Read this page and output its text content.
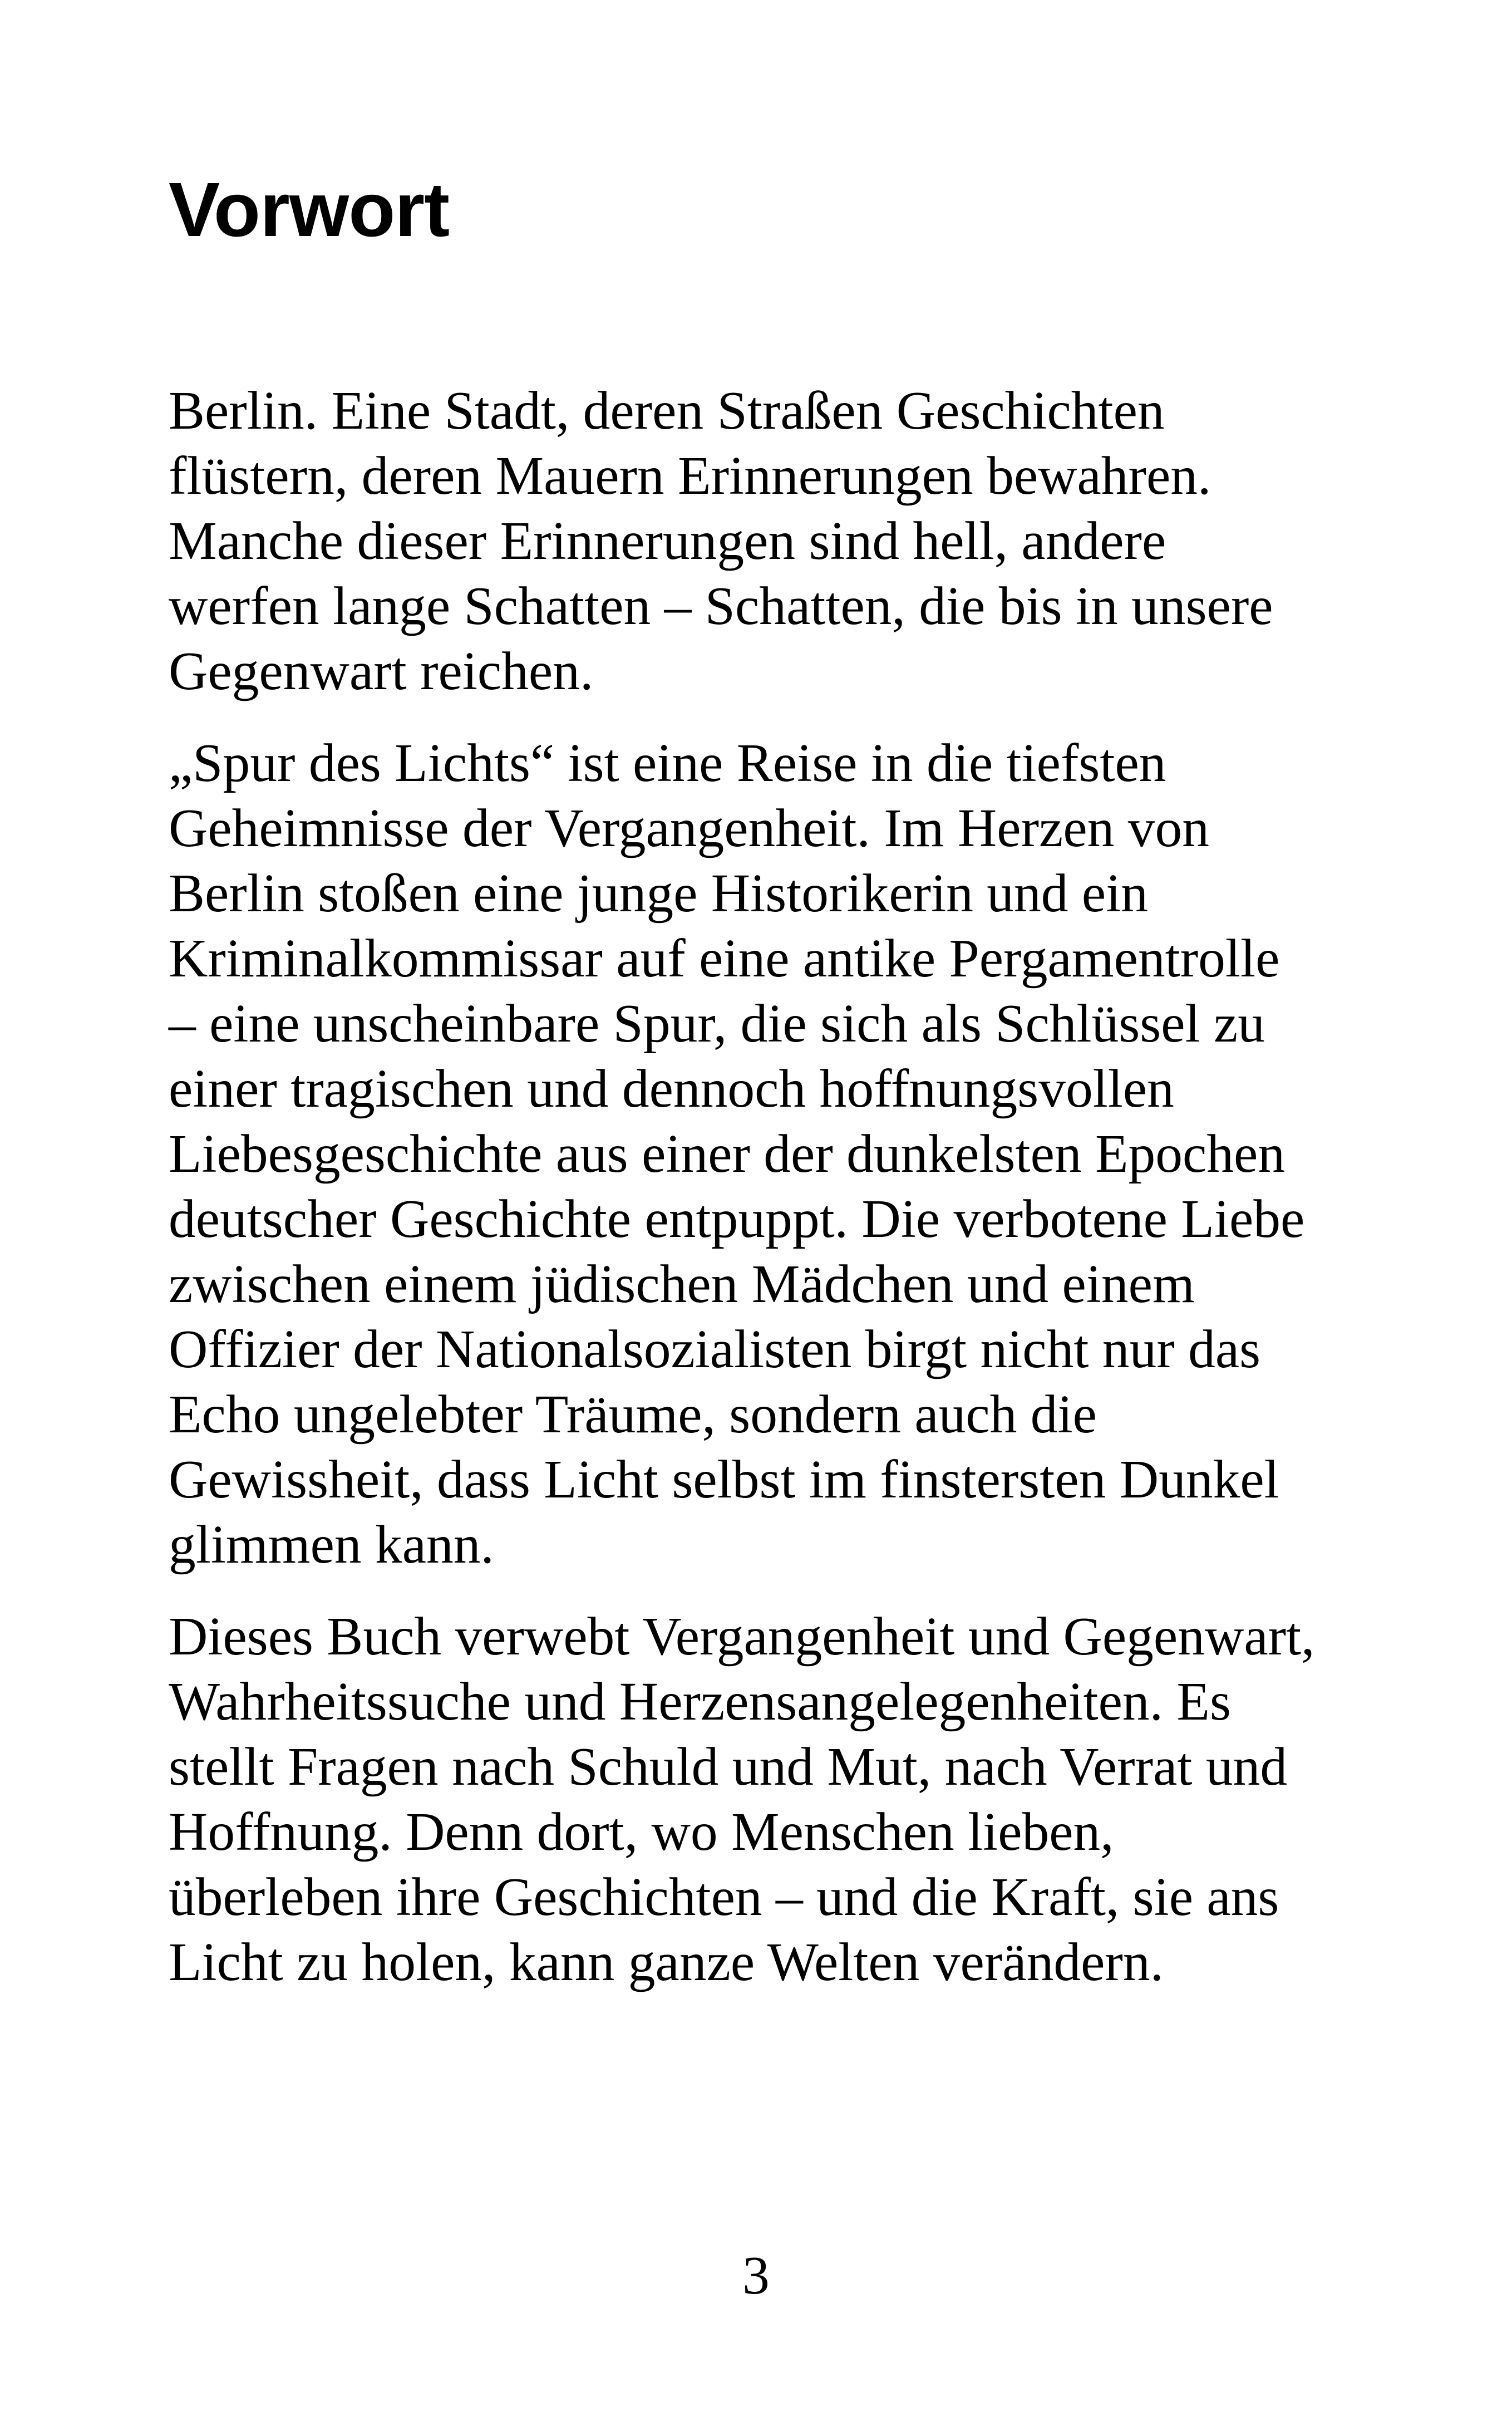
Vorwort

Berlin. Eine Stadt, deren Straßen Geschichten
flüstern, deren Mauern Erinnerungen bewahren.
Manche dieser Erinnerungen sind hell, andere
werfen lange Schatten – Schatten, die bis in unsere
Gegenwart reichen.

„Spur des Lichts“ ist eine Reise in die tiefsten
Geheimnisse der Vergangenheit. Im Herzen von
Berlin stoßen eine junge Historikerin und ein
Kriminalkommissar auf eine antike Pergamentrolle
– eine unscheinbare Spur, die sich als Schlüssel zu
einer tragischen und dennoch hoffnungsvollen
Liebesgeschichte aus einer der dunkelsten Epochen
deutscher Geschichte entpuppt. Die verbotene Liebe
zwischen einem jüdischen Mädchen und einem
Offizier der Nationalsozialisten birgt nicht nur das
Echo ungelebter Träume, sondern auch die
Gewissheit, dass Licht selbst im finstersten Dunkel
glimmen kann.

Dieses Buch verwebt Vergangenheit und Gegenwart,
Wahrheitssuche und Herzensangelegenheiten. Es
stellt Fragen nach Schuld und Mut, nach Verrat und
Hoffnung. Denn dort, wo Menschen lieben,
überleben ihre Geschichten – und die Kraft, sie ans
Licht zu holen, kann ganze Welten verändern.

3
